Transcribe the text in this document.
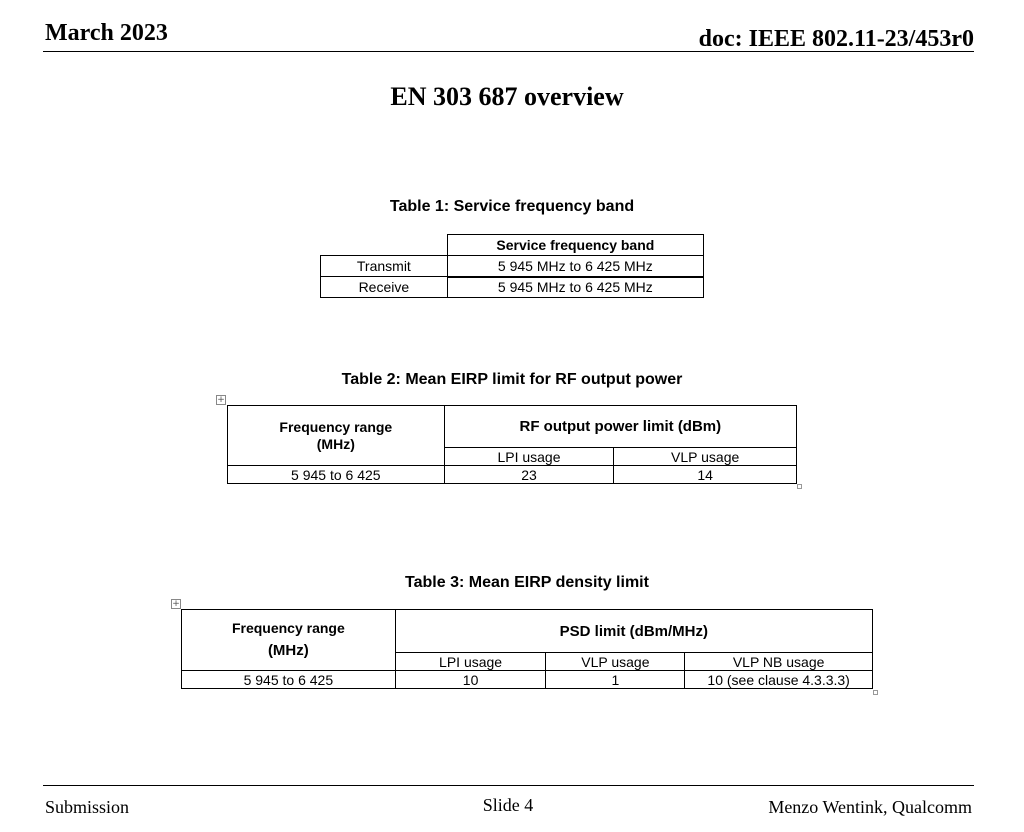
March 2023	doc: IEEE 802.11-23/453r0
EN 303 687 overview
Table 1: Service frequency band
	Service frequency band
Transmit	5 945 MHz to 6 425 MHz
Receive	5 945 MHz to 6 425 MHz
Table 2: Mean EIRP limit for RF output power
+
Frequency range
(MHz)	RF output power limit (dBm)	
	LPI usage	VLP usage
5 945 to 6 425	23	14
Table 3: Mean EIRP density limit
+
Frequency range
(MHz)	PSD limit (dBm/MHz)		
	LPI usage	VLP usage	VLP NB usage
5 945 to 6 425	10	1	10 (see clause 4.3.3.3)
Submission	Slide 4	Menzo Wentink, Qualcomm
